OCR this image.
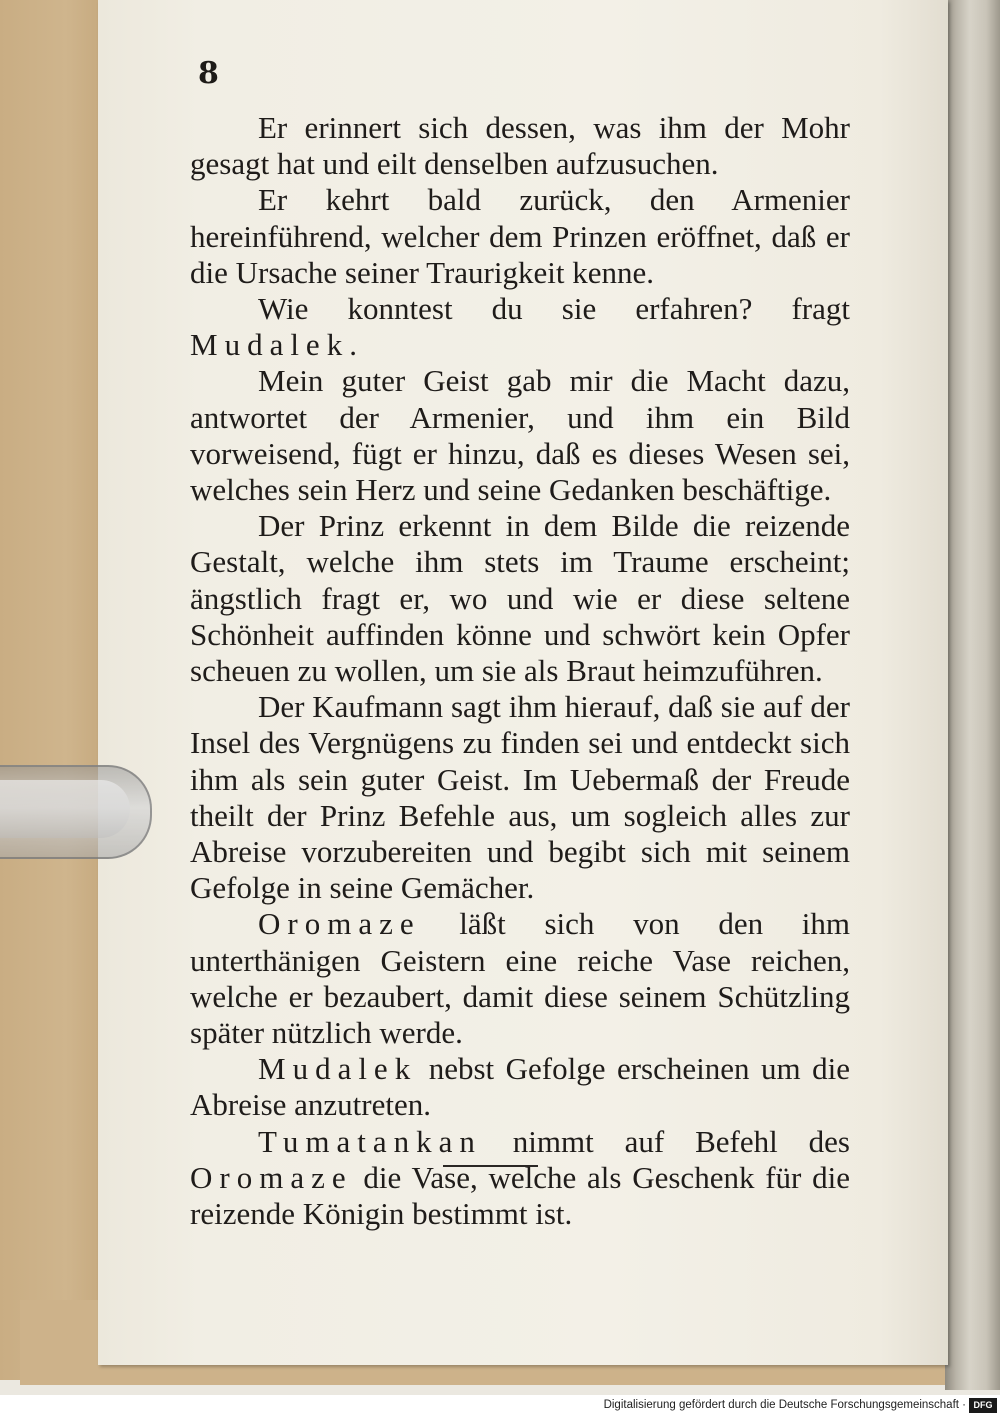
8

Er erinnert sich dessen, was ihm der Mohr gesagt hat und eilt denselben aufzusuchen.

Er kehrt bald zurück, den Armenier hereinführend, welcher dem Prinzen eröffnet, daß er die Ursache seiner Traurigkeit kenne.

Wie konntest du sie erfahren? fragt Mudalek.

Mein guter Geist gab mir die Macht dazu, antwortet der Armenier, und ihm ein Bild vorweisend, fügt er hinzu, daß es dieses Wesen sei, welches sein Herz und seine Gedanken beschäftige.

Der Prinz erkennt in dem Bilde die reizende Gestalt, welche ihm stets im Traume erscheint; ängstlich fragt er, wo und wie er diese seltene Schönheit auffinden könne und schwört kein Opfer scheuen zu wollen, um sie als Braut heimzuführen.

Der Kaufmann sagt ihm hierauf, daß sie auf der Insel des Vergnügens zu finden sei und entdeckt sich ihm als sein guter Geist. Im Uebermaß der Freude theilt der Prinz Befehle aus, um sogleich alles zur Abreise vorzubereiten und begibt sich mit seinem Gefolge in seine Gemächer.

Oromaze läßt sich von den ihm unterthänigen Geistern eine reiche Vase reichen, welche er bezaubert, damit diese seinem Schützling später nützlich werde.

Mudalek nebst Gefolge erscheinen um die Abreise anzutreten.

Tumatankan nimmt auf Befehl des Oromaze die Vase, welche als Geschenk für die reizende Königin bestimmt ist.

Digitalisierung gefördert durch die Deutsche Forschungsgemeinschaft · DFG
